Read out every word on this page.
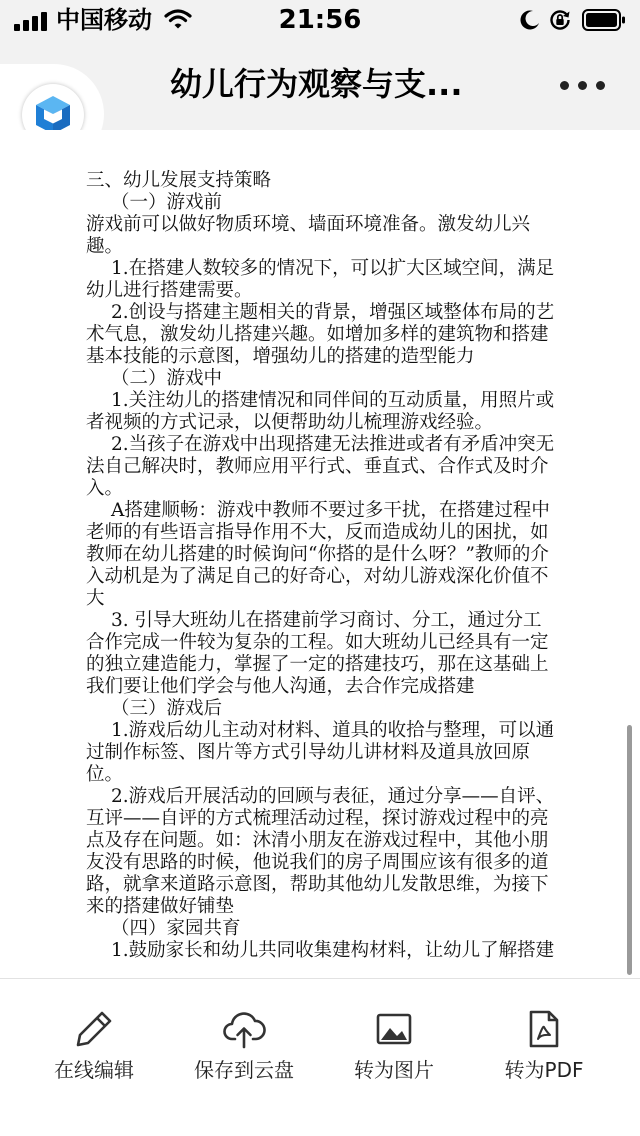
中国移动	21:56
幼儿行为观察与支...

三、幼儿发展支持策略

（一）游戏前

游戏前可以做好物质环境、墙面环境准备。激发幼儿兴趣。

1.在搭建人数较多的情况下，可以扩大区域空间，满足幼儿进行搭建需要。

2.创设与搭建主题相关的背景，增强区域整体布局的艺术气息，激发幼儿搭建兴趣。如增加多样的建筑物和搭建基本技能的示意图，增强幼儿的搭建的造型能力

（二）游戏中

1.关注幼儿的搭建情况和同伴间的互动质量，用照片或者视频的方式记录，以便帮助幼儿梳理游戏经验。

2.当孩子在游戏中出现搭建无法推进或者有矛盾冲突无法自己解决时，教师应用平行式、垂直式、合作式及时介入。

A搭建顺畅：游戏中教师不要过多干扰，在搭建过程中老师的有些语言指导作用不大，反而造成幼儿的困扰，如教师在幼儿搭建的时候询问“你搭的是什么呀？”教师的介入动机是为了满足自己的好奇心，对幼儿游戏深化价值不大

3. 引导大班幼儿在搭建前学习商讨、分工，通过分工合作完成一件较为复杂的工程。如大班幼儿已经具有一定的独立建造能力，掌握了一定的搭建技巧，那在这基础上我们要让他们学会与他人沟通，去合作完成搭建

（三）游戏后

1.游戏后幼儿主动对材料、道具的收拾与整理，可以通过制作标签、图片等方式引导幼儿讲材料及道具放回原位。

2.游戏后开展活动的回顾与表征，通过分享——自评、互评——自评的方式梳理活动过程，探讨游戏过程中的亮点及存在问题。如：沐清小朋友在游戏过程中，其他小朋友没有思路的时候，他说我们的房子周围应该有很多的道路，就拿来道路示意图，帮助其他幼儿发散思维，为接下来的搭建做好铺垫

（四）家园共育

1.鼓励家长和幼儿共同收集建构材料，让幼儿了解搭建

在线编辑	保存到云盘	转为图片	转为PDF
